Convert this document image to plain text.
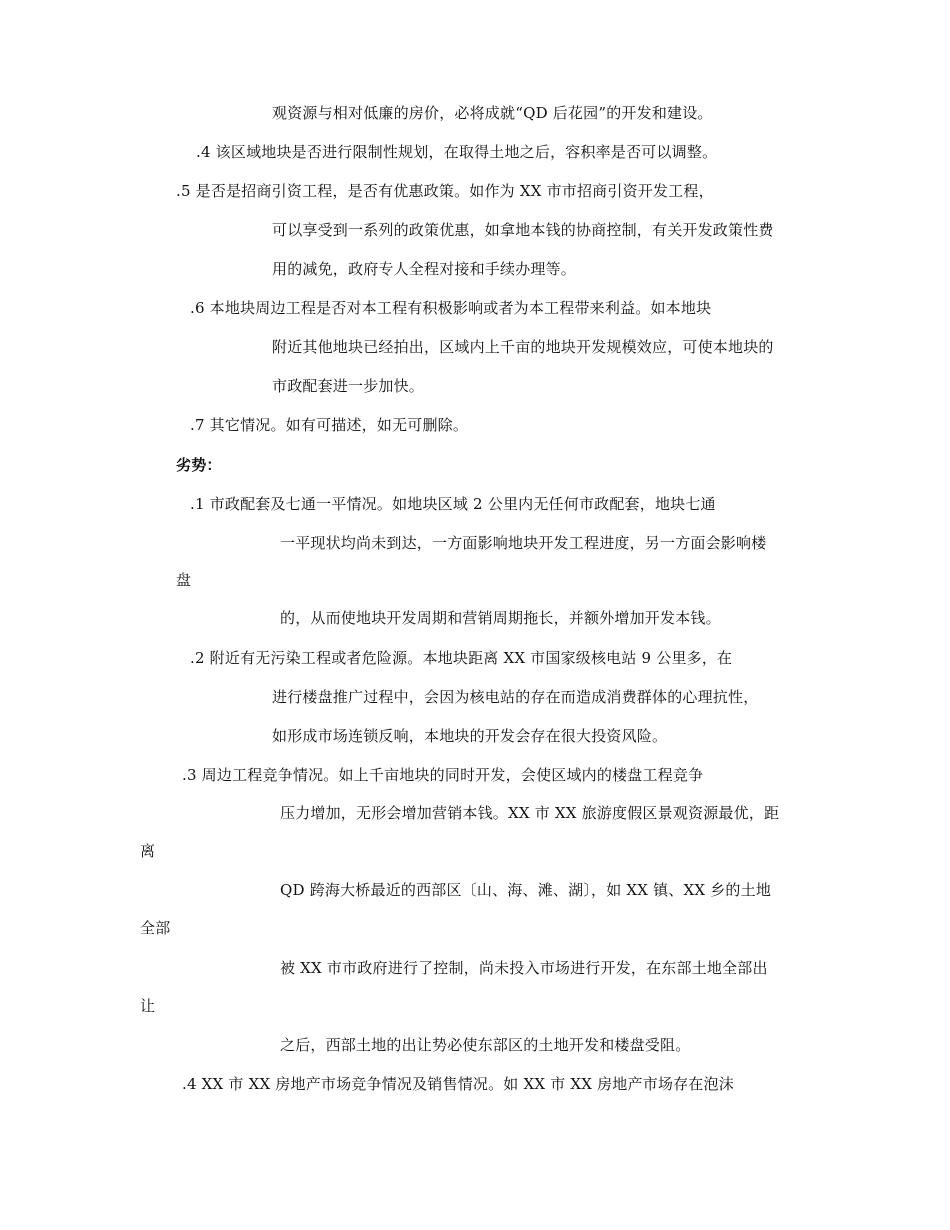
观资源与相对低廉的房价，必将成就“QD 后花园”的开发和建设。
.4 该区域地块是否进行限制性规划，在取得土地之后，容积率是否可以调整。
.5 是否是招商引资工程，是否有优惠政策。如作为 XX 市市招商引资开发工程，
可以享受到一系列的政策优惠，如拿地本钱的协商控制，有关开发政策性费
用的减免，政府专人全程对接和手续办理等。
.6 本地块周边工程是否对本工程有积极影响或者为本工程带来利益。如本地块
附近其他地块已经拍出，区域内上千亩的地块开发规模效应，可使本地块的
市政配套进一步加快。
.7 其它情况。如有可描述，如无可删除。
劣势：
.1 市政配套及七通一平情况。如地块区域 2 公里内无任何市政配套，地块七通
一平现状均尚未到达，一方面影响地块开发工程进度，另一方面会影响楼
盘
的，从而使地块开发周期和营销周期拖长，并额外增加开发本钱。
.2 附近有无污染工程或者危险源。本地块距离 XX 市国家级核电站 9 公里多，在
进行楼盘推广过程中，会因为核电站的存在而造成消费群体的心理抗性，
如形成市场连锁反响，本地块的开发会存在很大投资风险。
.3 周边工程竞争情况。如上千亩地块的同时开发，会使区域内的楼盘工程竞争
压力增加，无形会增加营销本钱。XX 市 XX 旅游度假区景观资源最优，距
离
QD 跨海大桥最近的西部区〔山、海、滩、湖〕，如 XX 镇、XX 乡的土地
全部
被 XX 市市政府进行了控制，尚未投入市场进行开发，在东部土地全部出
让
之后，西部土地的出让势必使东部区的土地开发和楼盘受阻。
.4 XX 市 XX 房地产市场竞争情况及销售情况。如 XX 市 XX 房地产市场存在泡沫
